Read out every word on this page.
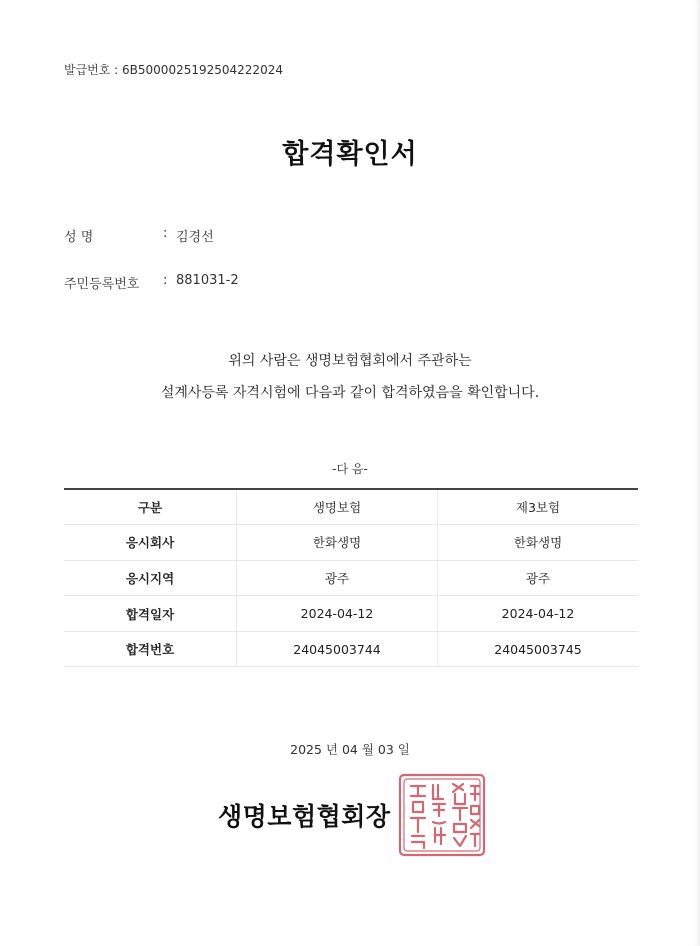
발급번호 : 6B5000025192504222024
합격확인서
성 명	: 김경선
주민등록번호 : 881031-2
위의 사람은 생명보험협회에서 주관하는
설계사등록 자격시험에 다음과 같이 합격하였음을 확인합니다.
-다 음-
구분	생명보험	제3보험
응시회사	한화생명	한화생명
응시지역	광주	광주
합격일자	2024-04-12	2024-04-12
합격번호	24045003744	24045003745
2025 년 04 월 03 일
생명보험협회장
